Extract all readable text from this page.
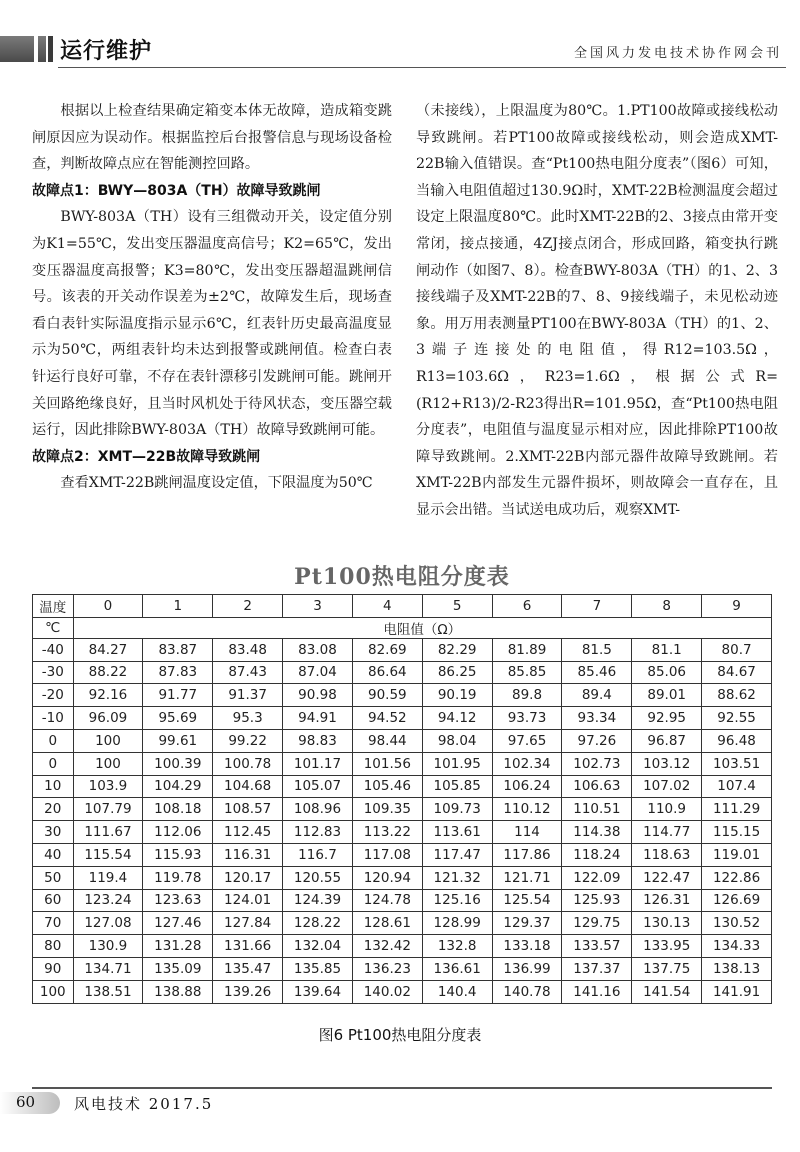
运行维护	全国风力发电技术协作网会刊

根据以上检查结果确定箱变本体无故障，造成箱变跳闸原因应为误动作。根据监控后台报警信息与现场设备检查，判断故障点应在智能测控回路。

故障点1：BWY—803A（TH）故障导致跳闸

BWY-803A（TH）设有三组微动开关，设定值分别为K1=55℃，发出变压器温度高信号；K2=65℃，发出变压器温度高报警；K3=80℃，发出变压器超温跳闸信号。该表的开关动作误差为±2℃，故障发生后，现场查看白表针实际温度指示显示6℃，红表针历史最高温度显示为50℃，两组表针均未达到报警或跳闸值。检查白表针运行良好可靠，不存在表针漂移引发跳闸可能。跳闸开关回路绝缘良好，且当时风机处于待风状态，变压器空载运行，因此排除BWY-803A（TH）故障导致跳闸可能。

故障点2：XMT—22B故障导致跳闸

查看XMT-22B跳闸温度设定值，下限温度为50℃

（未接线），上限温度为80℃。1.PT100故障或接线松动导致跳闸。若PT100故障或接线松动，则会造成XMT-22B输入值错误。查“Pt100热电阻分度表”（图6）可知，当输入电阻值超过130.9Ω时，XMT-22B检测温度会超过设定上限温度80℃。此时XMT-22B的2、3接点由常开变常闭，接点接通，4ZJ接点闭合，形成回路，箱变执行跳闸动作（如图7、8）。检查BWY-803A（TH）的1、2、3接线端子及XMT-22B的7、8、9接线端子，未见松动迹象。用万用表测量PT100在BWY-803A（TH）的1、2、3端子连接处的电阻值，得R12=103.5Ω，R13=103.6Ω，R23=1.6Ω，根据公式R=(R12+R13)/2-R23得出R=101.95Ω，查“Pt100热电阻分度表”，电阻值与温度显示相对应，因此排除PT100故障导致跳闸。2.XMT-22B内部元器件故障导致跳闸。若XMT-22B内部发生元器件损坏，则故障会一直存在，且显示会出错。当试送电成功后，观察XMT-

Pt100热电阻分度表
温度	0	1	2	3	4	5	6	7	8	9
℃	电阻值（Ω）									
-40	84.27	83.87	83.48	83.08	82.69	82.29	81.89	81.5	81.1	80.7
-30	88.22	87.83	87.43	87.04	86.64	86.25	85.85	85.46	85.06	84.67
-20	92.16	91.77	91.37	90.98	90.59	90.19	89.8	89.4	89.01	88.62
-10	96.09	95.69	95.3	94.91	94.52	94.12	93.73	93.34	92.95	92.55
0	100	99.61	99.22	98.83	98.44	98.04	97.65	97.26	96.87	96.48
0	100	100.39	100.78	101.17	101.56	101.95	102.34	102.73	103.12	103.51
10	103.9	104.29	104.68	105.07	105.46	105.85	106.24	106.63	107.02	107.4
20	107.79	108.18	108.57	108.96	109.35	109.73	110.12	110.51	110.9	111.29
30	111.67	112.06	112.45	112.83	113.22	113.61	114	114.38	114.77	115.15
40	115.54	115.93	116.31	116.7	117.08	117.47	117.86	118.24	118.63	119.01
50	119.4	119.78	120.17	120.55	120.94	121.32	121.71	122.09	122.47	122.86
60	123.24	123.63	124.01	124.39	124.78	125.16	125.54	125.93	126.31	126.69
70	127.08	127.46	127.84	128.22	128.61	128.99	129.37	129.75	130.13	130.52
80	130.9	131.28	131.66	132.04	132.42	132.8	133.18	133.57	133.95	134.33
90	134.71	135.09	135.47	135.85	136.23	136.61	136.99	137.37	137.75	138.13
100	138.51	138.88	139.26	139.64	140.02	140.4	140.78	141.16	141.54	141.91
图6 Pt100热电阻分度表
60	风电技术 2017.5
